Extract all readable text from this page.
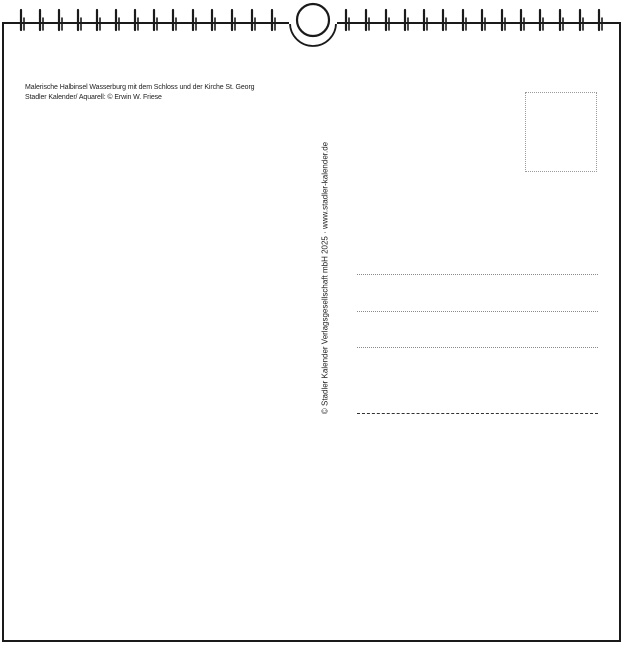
Malerische Halbinsel Wasserburg mit dem Schloss und der Kirche St. Georg
Stadler Kalender/ Aquarell: © Erwin W. Friese
© Stadler Kalender Verlagsgesellschaft mbH 2025 · www.stadler-kalender.de
